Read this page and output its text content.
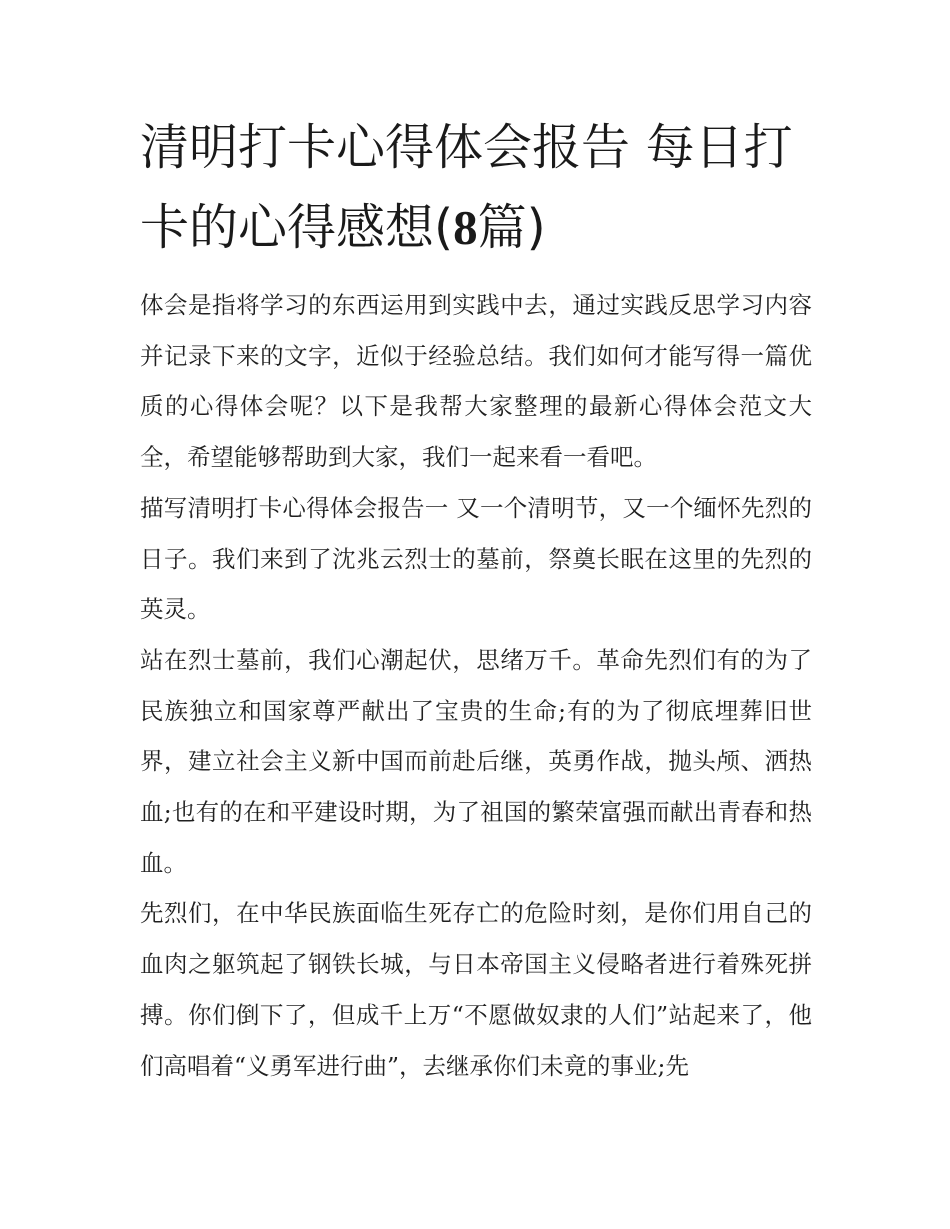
清明打卡心得体会报告 每日打卡的心得感想(8篇)

体会是指将学习的东西运用到实践中去，通过实践反思学习内容并记录下来的文字，近似于经验总结。我们如何才能写得一篇优质的心得体会呢？以下是我帮大家整理的最新心得体会范文大全，希望能够帮助到大家，我们一起来看一看吧。

描写清明打卡心得体会报告一 又一个清明节，又一个缅怀先烈的日子。我们来到了沈兆云烈士的墓前，祭奠长眠在这里的先烈的英灵。

站在烈士墓前，我们心潮起伏，思绪万千。革命先烈们有的为了民族独立和国家尊严献出了宝贵的生命;有的为了彻底埋葬旧世界，建立社会主义新中国而前赴后继，英勇作战，抛头颅、洒热血;也有的在和平建设时期，为了祖国的繁荣富强而献出青春和热血。

先烈们，在中华民族面临生死存亡的危险时刻，是你们用自己的血肉之躯筑起了钢铁长城，与日本帝国主义侵略者进行着殊死拼搏。你们倒下了，但成千上万“不愿做奴隶的人们”站起来了，他们高唱着“义勇军进行曲”，去继承你们未竟的事业;先
